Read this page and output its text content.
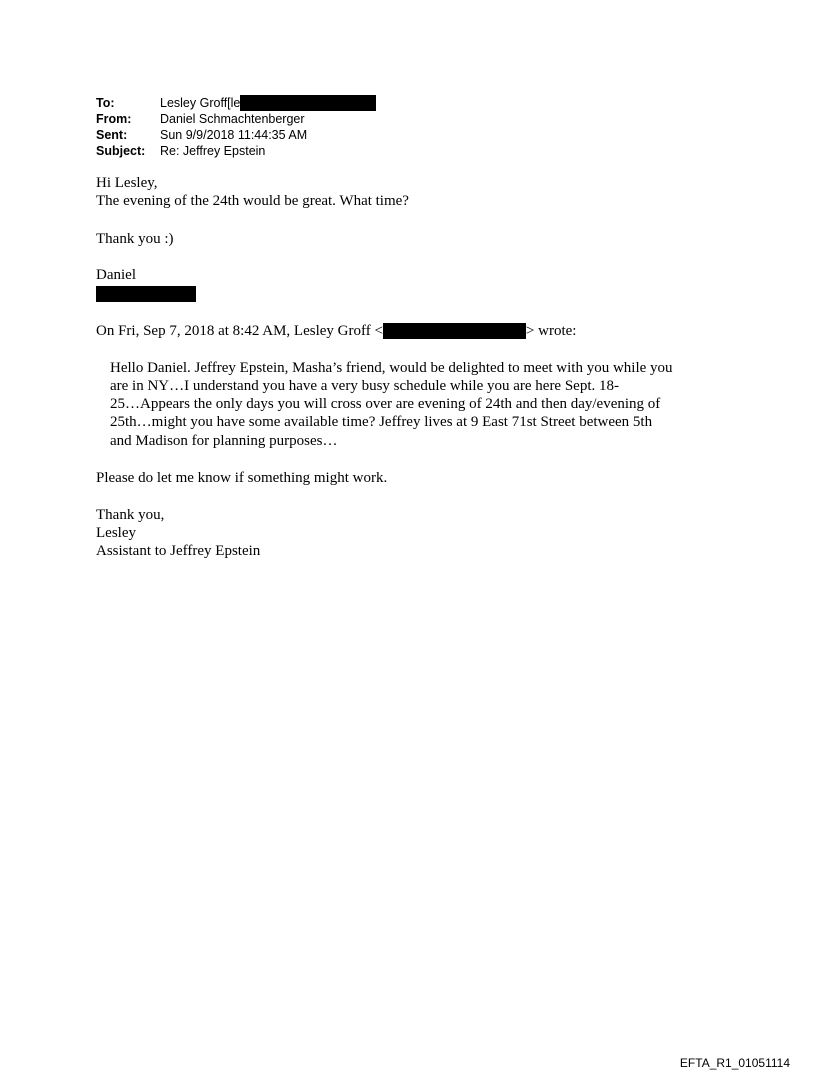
To:	Lesley Groff[le
From:	Daniel Schmachtenberger
Sent:	Sun 9/9/2018 11:44:35 AM
Subject:	Re: Jeffrey Epstein
Hi Lesley,
The evening of the 24th would be great. What time?
Thank you :)
Daniel
On Fri, Sep 7, 2018 at 8:42 AM, Lesley Groff <	> wrote:
Hello Daniel. Jeffrey Epstein, Masha’s friend, would be delighted to meet with you while you
are in NY…I understand you have a very busy schedule while you are here Sept. 18-
25…Appears the only days you will cross over are evening of 24th and then day/evening of
25th…might you have some available time? Jeffrey lives at 9 East 71st Street between 5th
and Madison for planning purposes…
Please do let me know if something might work.
Thank you,
Lesley
Assistant to Jeffrey Epstein
EFTA_R1_01051114
